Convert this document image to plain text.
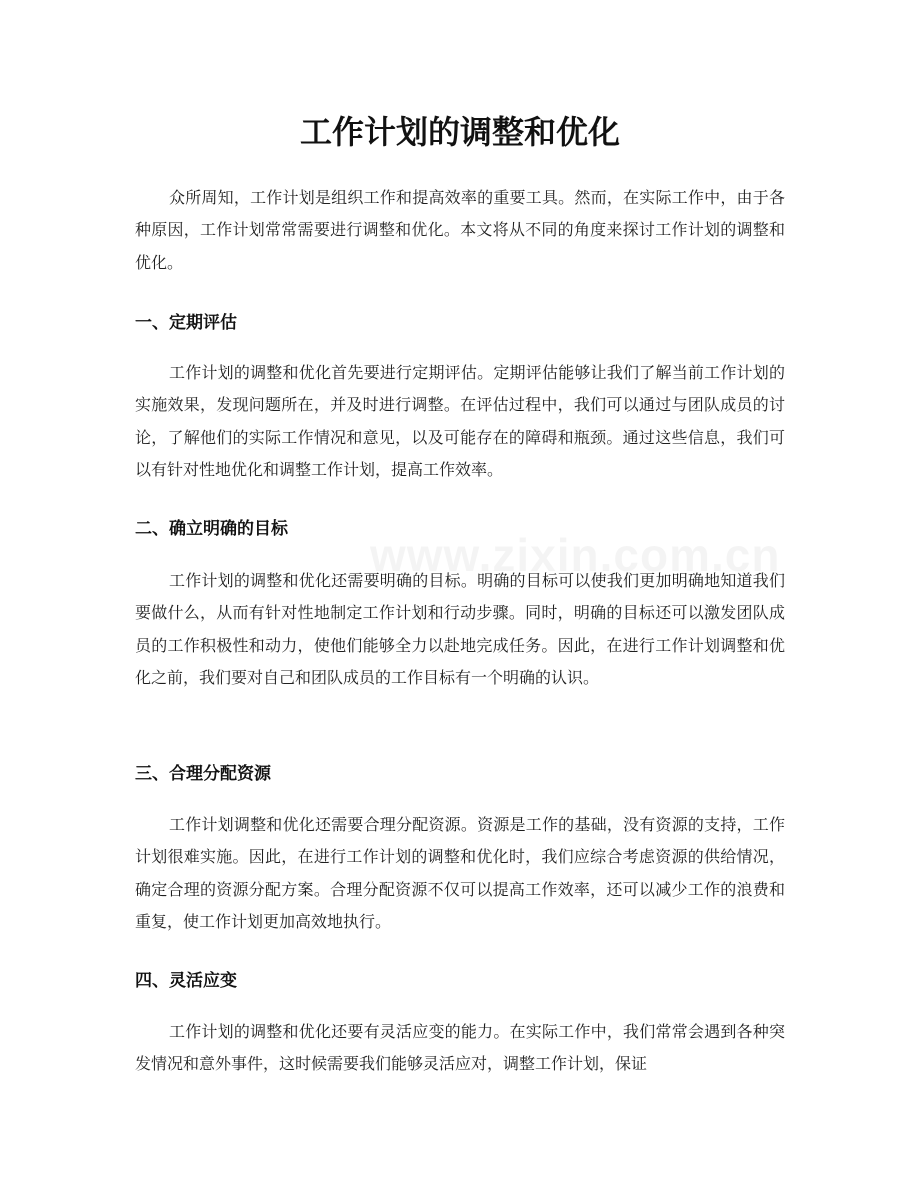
工作计划的调整和优化

众所周知，工作计划是组织工作和提高效率的重要工具。然而，在实际工作中，由于各种原因，工作计划常常需要进行调整和优化。本文将从不同的角度来探讨工作计划的调整和优化。

一、定期评估

工作计划的调整和优化首先要进行定期评估。定期评估能够让我们了解当前工作计划的实施效果，发现问题所在，并及时进行调整。在评估过程中，我们可以通过与团队成员的讨论，了解他们的实际工作情况和意见，以及可能存在的障碍和瓶颈。通过这些信息，我们可以有针对性地优化和调整工作计划，提高工作效率。

二、确立明确的目标

工作计划的调整和优化还需要明确的目标。明确的目标可以使我们更加明确地知道我们要做什么，从而有针对性地制定工作计划和行动步骤。同时，明确的目标还可以激发团队成员的工作积极性和动力，使他们能够全力以赴地完成任务。因此，在进行工作计划调整和优化之前，我们要对自己和团队成员的工作目标有一个明确的认识。

三、合理分配资源

工作计划调整和优化还需要合理分配资源。资源是工作的基础，没有资源的支持，工作计划很难实施。因此，在进行工作计划的调整和优化时，我们应综合考虑资源的供给情况，确定合理的资源分配方案。合理分配资源不仅可以提高工作效率，还可以减少工作的浪费和重复，使工作计划更加高效地执行。

四、灵活应变

工作计划的调整和优化还要有灵活应变的能力。在实际工作中，我们常常会遇到各种突发情况和意外事件，这时候需要我们能够灵活应对，调整工作计划，保证
